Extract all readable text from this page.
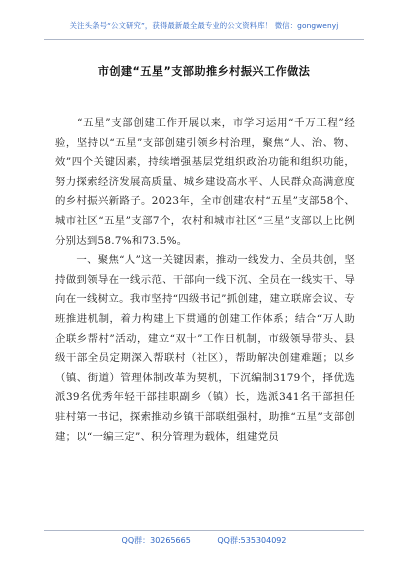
关注头条号“公文研究”，获得最新最全最专业的公文资料库！ 微信：gongwenyj
市创建“五星”支部助推乡村振兴工作做法

　　“五星”支部创建工作开展以来，市学习运用“千万工程”经验，坚持以“五星”支部创建引领乡村治理，聚焦“人、治、物、效”四个关键因素，持续增强基层党组织政治功能和组织功能，努力探索经济发展高质量、城乡建设高水平、人民群众高满意度的乡村振兴新路子。2023年，全市创建农村“五星”支部58个、城市社区“五星”支部7个，农村和城市社区“三星”支部以上比例分别达到58.7%和73.5%。

　　一、聚焦“人”这一关键因素，推动一线发力、全员共创，坚持做到领导在一线示范、干部向一线下沉、全员在一线实干、导向在一线树立。我市坚持“四级书记”抓创建，建立联席会议、专班推进机制，着力构建上下贯通的创建工作体系；结合“万人助企联乡帮村”活动，建立“双十”工作日机制，市级领导带头、县级干部全员定期深入帮联村（社区），帮助解决创建难题；以乡（镇、街道）管理体制改革为契机，下沉编制3179个，择优选派39名优秀年轻干部挂职副乡（镇）长，选派341名干部担任驻村第一书记，探索推动乡镇干部联组强村，助推“五星”支部创建；以“一编三定”、积分管理为载体，组建党员

QQ群：30265665	QQ群:535304092
